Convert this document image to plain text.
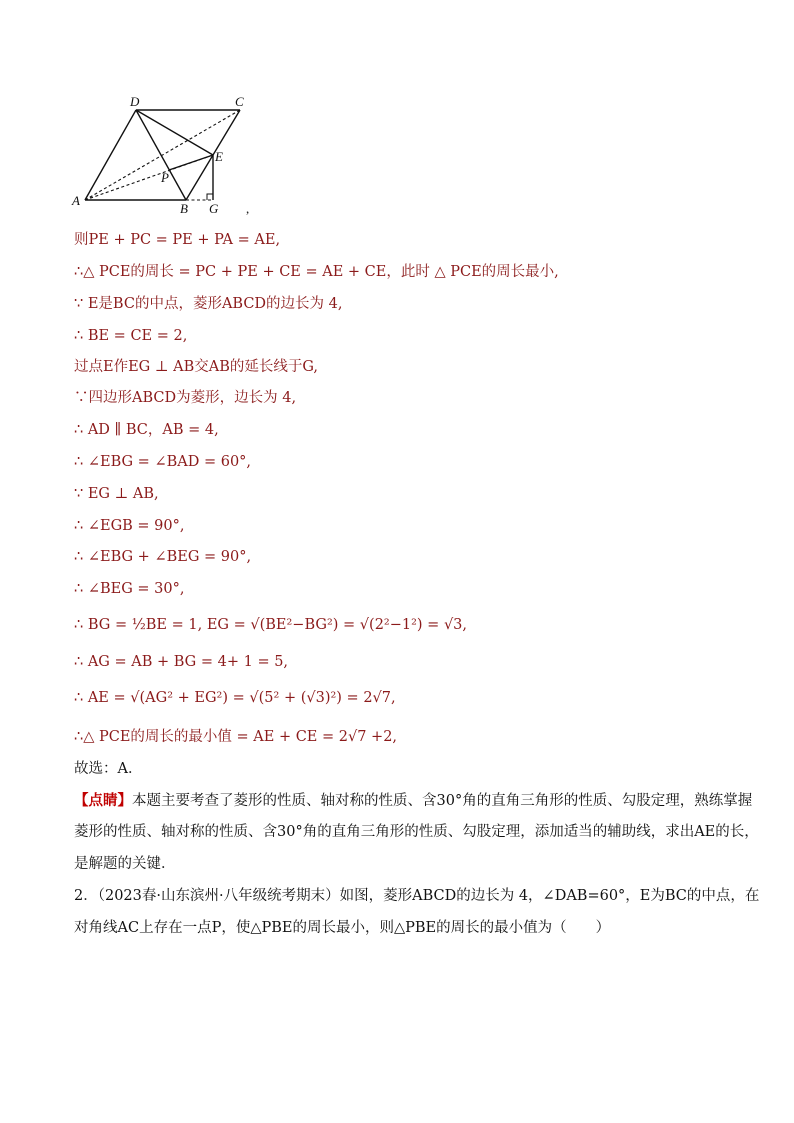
D	C
E
P
A
B G ,

则PE + PC = PE + PA = AE,

∴△ PCE的周长 = PC + PE + CE = AE + CE，此时 △ PCE的周长最小,

∵ E是BC的中点，菱形ABCD的边长为 4,

∴ BE = CE = 2,

过点E作EG ⊥ AB交AB的延长线于G,

∵四边形ABCD为菱形，边长为 4,

∴ AD ∥ BC，AB = 4,

∴ ∠EBG = ∠BAD = 60°,

∵ EG ⊥ AB,

∴ ∠EGB = 90°,

∴ ∠EBG + ∠BEG = 90°,

∴ ∠BEG = 30°,

∴ BG = ½BE = 1, EG = √(BE²−BG²) = √(2²−1²) = √3,

∴ AG = AB + BG = 4+ 1 = 5,

∴ AE = √(AG² + EG²) = √(5² + (√3)²) = 2√7,

∴△ PCE的周长的最小值 = AE + CE = 2√7 +2,

故选：A．

【点睛】本题主要考查了菱形的性质、轴对称的性质、含30°角的直角三角形的性质、勾股定理，熟练掌握

菱形的性质、轴对称的性质、含30°角的直角三角形的性质、勾股定理，添加适当的辅助线，求出AE的长，

是解题的关键．

2．（2023春·山东滨州·八年级统考期末）如图，菱形ABCD的边长为 4，∠DAB=60°，E为BC的中点，在

对角线AC上存在一点P，使△PBE的周长最小，则△PBE的周长的最小值为（　　）
